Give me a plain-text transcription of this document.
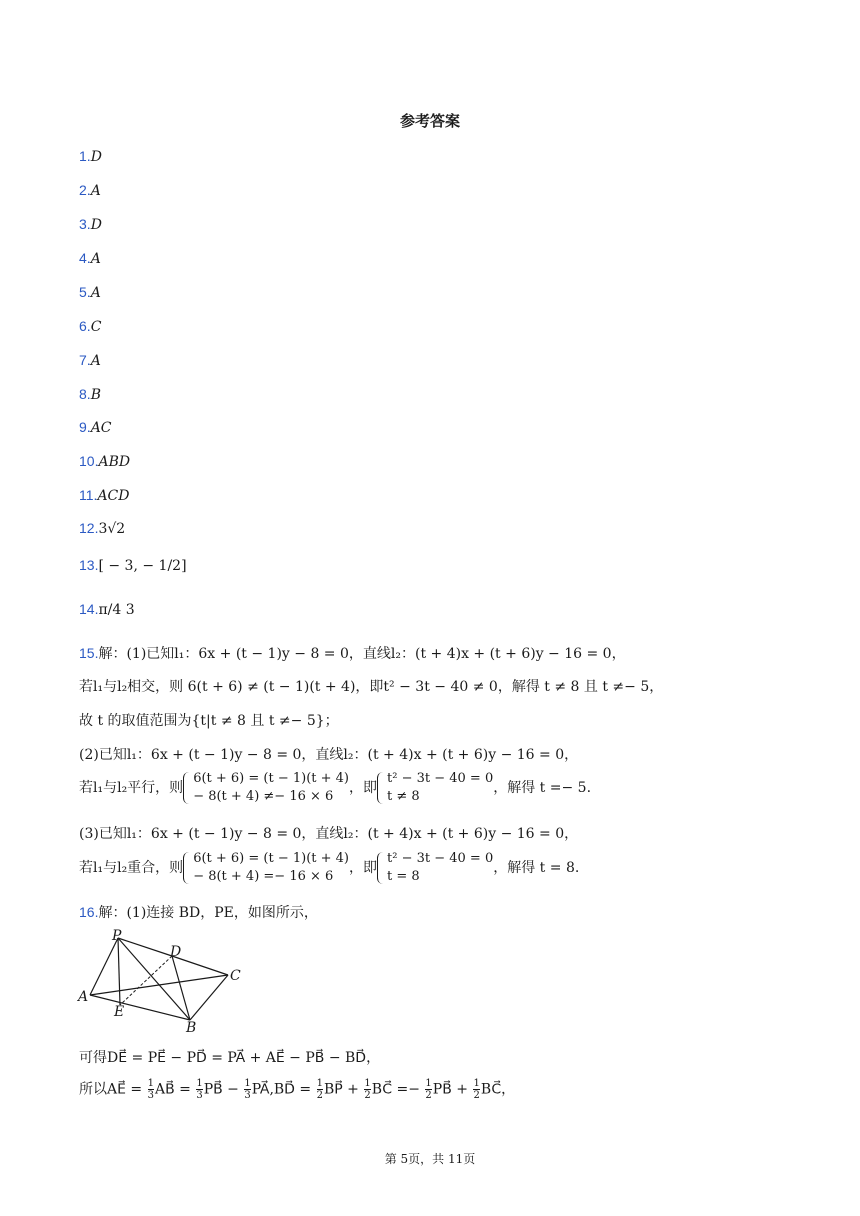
参考答案
1.D
2.A
3.D
4.A
5.A
6.C
7.A
8.B
9.AC
10.ABD
11.ACD
12.3√2
13.[ − 3, − 1/2]
14.π/4 3
15.解：(1)已知l₁：6x + (t − 1)y − 8 = 0，直线l₂：(t + 4)x + (t + 6)y − 16 = 0，
若l₁与l₂相交，则 6(t + 6) ≠ (t − 1)(t + 4)，即t² − 3t − 40 ≠ 0，解得 t ≠ 8 且 t ≠− 5，
故 t 的取值范围为{t|t ≠ 8 且 t ≠− 5}；
(2)已知l₁：6x + (t − 1)y − 8 = 0，直线l₂：(t + 4)x + (t + 6)y − 16 = 0，
若l₁与l₂平行，则
6(t + 6) = (t − 1)(t + 4)
− 8(t + 4) ≠− 16 × 6
，即
t² − 3t − 40 = 0
t ≠ 8
，解得 t =− 5.
(3)已知l₁：6x + (t − 1)y − 8 = 0，直线l₂：(t + 4)x + (t + 6)y − 16 = 0，
若l₁与l₂重合，则
6(t + 6) = (t − 1)(t + 4)
− 8(t + 4) =− 16 × 6
，即
t² − 3t − 40 = 0
t = 8
，解得 t = 8.
16.解：(1)连接 BD，PE，如图所示，
P
D
C
A
E
B
可得DE⃗ = PE⃗ − PD⃗ = PA⃗ + AE⃗ − PB⃗ − BD⃗，
所以AE⃗ = $\frac{1}{3}$ AB⃗ = $\frac{1}{3}$ PB⃗ − $\frac{1}{3}$ PA⃗,BD⃗ = $\frac{1}{2}$ BP⃗ + $\frac{1}{2}$ BC⃗ =− $\frac{1}{2}$ PB⃗ + $\frac{1}{2}$ BC⃗，
第 5页，共 11页
